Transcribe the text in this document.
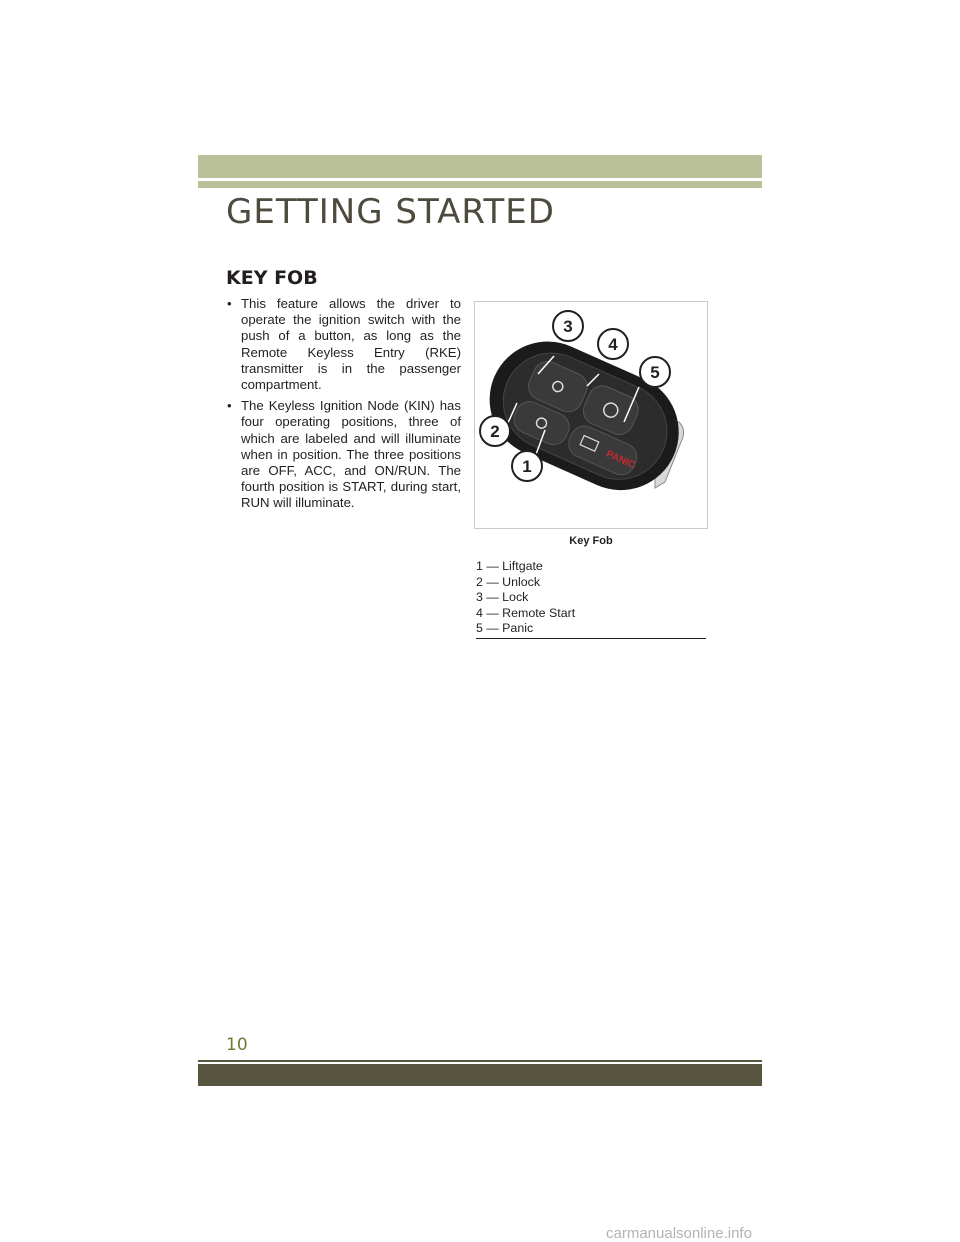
GETTING STARTED
KEY FOB
• This feature allows the driver to operate the ignition switch with the push of a button, as long as the Remote Keyless Entry (RKE) transmitter is in the passenger compartment.
• The Keyless Ignition Node (KIN) has four operating positions, three of which are labeled and will illuminate when in position. The three positions are OFF, ACC, and ON/RUN. The fourth position is START, during start, RUN will illuminate.
PANIC
3
4
5
2
1
Key Fob
1 — Liftgate
2 — Unlock
3 — Lock
4 — Remote Start
5 — Panic
10
carmanualsonline.info
